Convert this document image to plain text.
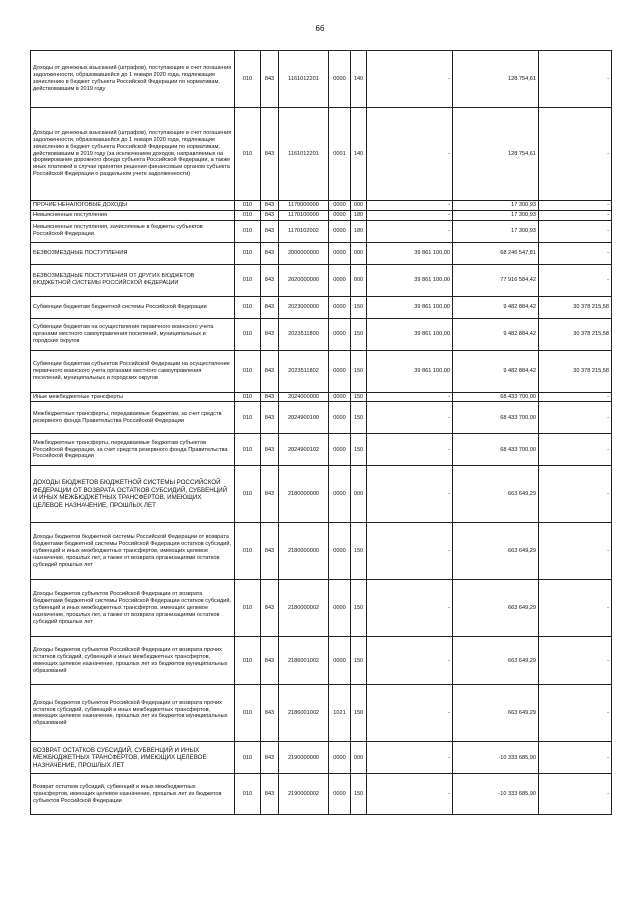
66
Доходы от денежных взысканий (штрафов), поступающие в счет погашения задолженности, образовавшейся до 1 января 2020 года, подлежащие зачислению в бюджет субъекта Российской Федерации по нормативам, действовавшим в 2019 году	010	843	1161012201	0000	140	-	128 754,61	-
Доходы от денежных взысканий (штрафов), поступающие в счет погашения задолженности, образовавшейся до 1 января 2020 года, подлежащие зачислению в бюджет субъекта Российской Федерации по нормативам, действовавшим в 2019 году (за исключением доходов, направляемых на формирование дорожного фонда субъекта Российской Федерации, а также иных платежей в случае принятия решения финансовым органом субъекта Российской Федерации о раздельном учете задолженности)	010	843	1161012201	0001	140	-	128 754,61	-
ПРОЧИЕ НЕНАЛОГОВЫЕ ДОХОДЫ	010	843	1170000000	0000	000	-	17 300,93	-
Невыясненные поступления	010	843	1170100000	0000	180	-	17 300,93	-
Невыясненные поступления, зачисляемые в бюджеты субъектов Российской Федерации	010	843	1170102002	0000	180	-	17 300,93	-
БЕЗВОЗМЕЗДНЫЕ ПОСТУПЛЕНИЯ	010	843	2000000000	0000	000	39 861 100,00	68 246 547,81	-
БЕЗВОЗМЕЗДНЫЕ ПОСТУПЛЕНИЯ ОТ ДРУГИХ БЮДЖЕТОВ БЮДЖЕТНОЙ СИСТЕМЫ РОССИЙСКОЙ ФЕДЕРАЦИИ	010	843	2020000000	0000	000	39 861 100,00	77 916 584,42	-
Субвенции бюджетам бюджетной системы Российской Федерации	010	843	2023000000	0000	150	39 861 100,00	9 482 884,42	30 378 215,58
Субвенции бюджетам на осуществление первичного воинского учета органами местного самоуправления поселений, муниципальных и городских округов	010	843	2023511800	0000	150	39 861 100,00	9 482 884,42	30 378 215,58
Субвенции бюджетам субъектов Российской Федерации на осуществление первичного воинского учета органами местного самоуправления поселений, муниципальных и городских округов	010	843	2023511802	0000	150	39 861 100,00	9 482 884,42	30 378 215,58
Иные межбюджетные трансферты	010	843	2024000000	0000	150	-	68 433 700,00	-
Межбюджетные трансферты, передаваемые бюджетам, за счет средств резервного фонда Правительства Российской Федерации	010	843	2024900100	0000	150	-	68 433 700,00	-
Межбюджетные трансферты, передаваемые бюджетам субъектов Российской Федерации, за счет средств резервного фонда Правительства Российской Федерации	010	843	2024900102	0000	150	-	68 433 700,00	-
ДОХОДЫ БЮДЖЕТОВ БЮДЖЕТНОЙ СИСТЕМЫ РОССИЙСКОЙ ФЕДЕРАЦИИ ОТ ВОЗВРАТА ОСТАТКОВ СУБСИДИЙ, СУБВЕНЦИЙ И ИНЫХ МЕЖБЮДЖЕТНЫХ ТРАНСФЕРТОВ, ИМЕЮЩИХ ЦЕЛЕВОЕ НАЗНАЧЕНИЕ, ПРОШЛЫХ ЛЕТ	010	843	2180000000	0000	000	-	663 649,29	-
Доходы бюджетов бюджетной системы Российской Федерации от возврата бюджетами бюджетной системы Российской Федерации остатков субсидий, субвенций и иных межбюджетных трансфертов, имеющих целевое назначение, прошлых лет, а также от возврата организациями остатков субсидий прошлых лет	010	843	2180000000	0000	150	-	663 649,29	-
Доходы бюджетов субъектов Российской Федерации от возврата бюджетами бюджетной системы Российской Федерации остатков субсидий, субвенций и иных межбюджетных трансфертов, имеющих целевое назначение, прошлых лет, а также от возврата организациями остатков субсидий прошлых лет	010	843	2180000002	0000	150	-	663 649,29	-
Доходы бюджетов субъектов Российской Федерации от возврата прочих остатков субсидий, субвенций и иных межбюджетных трансфертов, имеющих целевое назначение, прошлых лет из бюджетов муниципальных образований	010	843	2186001002	0000	150	-	663 649,29	-
Доходы бюджетов субъектов Российской Федерации от возврата прочих остатков субсидий, субвенций и иных межбюджетных трансфертов, имеющих целевое назначение, прошлых лет из бюджетов муниципальных образований	010	843	2186001002	1021	150	-	663 649,29	-
ВОЗВРАТ ОСТАТКОВ СУБСИДИЙ, СУБВЕНЦИЙ И ИНЫХ МЕЖБЮДЖЕТНЫХ ТРАНСФЕРТОВ, ИМЕЮЩИХ ЦЕЛЕВОЕ НАЗНАЧЕНИЕ, ПРОШЛЫХ ЛЕТ	010	843	2190000000	0000	000	-	-10 333 685,90	-
Возврат остатков субсидий, субвенций и иных межбюджетных трансфертов, имеющих целевое назначение, прошлых лет из бюджетов субъектов Российской Федерации	010	843	2190000002	0000	150	-	-10 333 685,90	-
